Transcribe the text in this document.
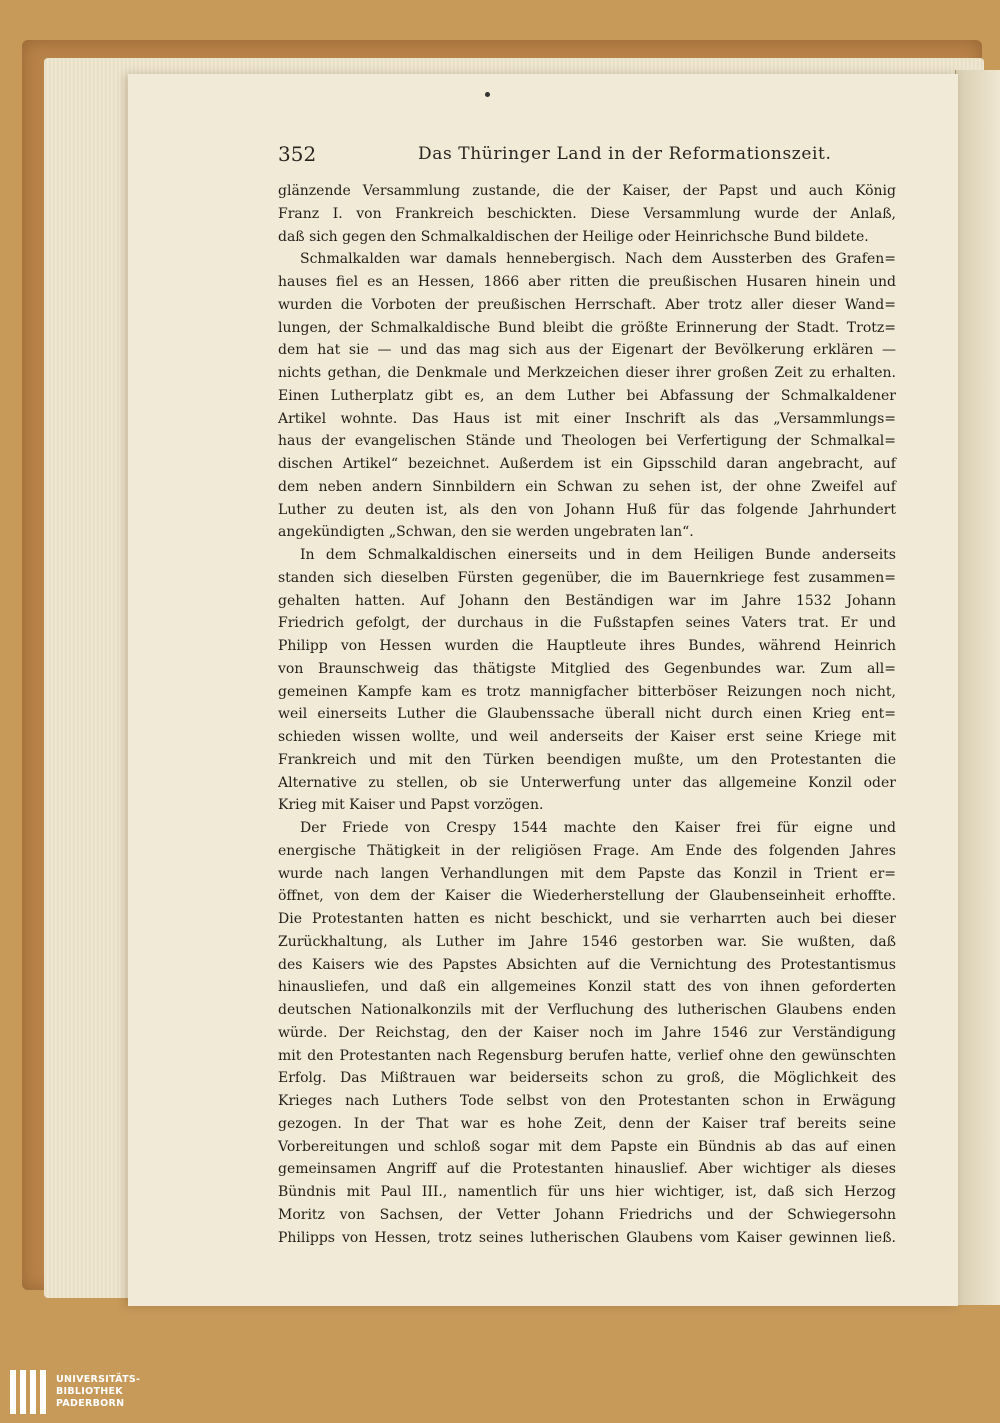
352	Das Thüringer Land in der Reformationszeit.
glänzende Versammlung zustande, die der Kaiser, der Papst und auch König
Franz I. von Frankreich beschickten. Diese Versammlung wurde der Anlaß,
daß sich gegen den Schmalkaldischen der Heilige oder Heinrichsche Bund bildete.
Schmalkalden war damals hennebergisch. Nach dem Aussterben des Grafen=
hauses fiel es an Hessen, 1866 aber ritten die preußischen Husaren hinein und
wurden die Vorboten der preußischen Herrschaft. Aber trotz aller dieser Wand=
lungen, der Schmalkaldische Bund bleibt die größte Erinnerung der Stadt. Trotz=
dem hat sie — und das mag sich aus der Eigenart der Bevölkerung erklären —
nichts gethan, die Denkmale und Merkzeichen dieser ihrer großen Zeit zu erhalten.
Einen Lutherplatz gibt es, an dem Luther bei Abfassung der Schmalkaldener
Artikel wohnte. Das Haus ist mit einer Inschrift als das „Versammlungs=
haus der evangelischen Stände und Theologen bei Verfertigung der Schmalkal=
dischen Artikel“ bezeichnet. Außerdem ist ein Gipsschild daran angebracht, auf
dem neben andern Sinnbildern ein Schwan zu sehen ist, der ohne Zweifel auf
Luther zu deuten ist, als den von Johann Huß für das folgende Jahrhundert
angekündigten „Schwan, den sie werden ungebraten lan“.
In dem Schmalkaldischen einerseits und in dem Heiligen Bunde anderseits
standen sich dieselben Fürsten gegenüber, die im Bauernkriege fest zusammen=
gehalten hatten. Auf Johann den Beständigen war im Jahre 1532 Johann
Friedrich gefolgt, der durchaus in die Fußstapfen seines Vaters trat. Er und
Philipp von Hessen wurden die Hauptleute ihres Bundes, während Heinrich
von Braunschweig das thätigste Mitglied des Gegenbundes war. Zum all=
gemeinen Kampfe kam es trotz mannigfacher bitterböser Reizungen noch nicht,
weil einerseits Luther die Glaubenssache überall nicht durch einen Krieg ent=
schieden wissen wollte, und weil anderseits der Kaiser erst seine Kriege mit
Frankreich und mit den Türken beendigen mußte, um den Protestanten die
Alternative zu stellen, ob sie Unterwerfung unter das allgemeine Konzil oder
Krieg mit Kaiser und Papst vorzögen.
Der Friede von Crespy 1544 machte den Kaiser frei für eigne und
energische Thätigkeit in der religiösen Frage. Am Ende des folgenden Jahres
wurde nach langen Verhandlungen mit dem Papste das Konzil in Trient er=
öffnet, von dem der Kaiser die Wiederherstellung der Glaubenseinheit erhoffte.
Die Protestanten hatten es nicht beschickt, und sie verharrten auch bei dieser
Zurückhaltung, als Luther im Jahre 1546 gestorben war. Sie wußten, daß
des Kaisers wie des Papstes Absichten auf die Vernichtung des Protestantismus
hinausliefen, und daß ein allgemeines Konzil statt des von ihnen geforderten
deutschen Nationalkonzils mit der Verfluchung des lutherischen Glaubens enden
würde. Der Reichstag, den der Kaiser noch im Jahre 1546 zur Verständigung
mit den Protestanten nach Regensburg berufen hatte, verlief ohne den gewünschten
Erfolg. Das Mißtrauen war beiderseits schon zu groß, die Möglichkeit des
Krieges nach Luthers Tode selbst von den Protestanten schon in Erwägung
gezogen. In der That war es hohe Zeit, denn der Kaiser traf bereits seine
Vorbereitungen und schloß sogar mit dem Papste ein Bündnis ab das auf einen
gemeinsamen Angriff auf die Protestanten hinauslief. Aber wichtiger als dieses
Bündnis mit Paul III., namentlich für uns hier wichtiger, ist, daß sich Herzog
Moritz von Sachsen, der Vetter Johann Friedrichs und der Schwiegersohn
Philipps von Hessen, trotz seines lutherischen Glaubens vom Kaiser gewinnen ließ.
UNIVERSITÄTS-
BIBLIOTHEK
PADERBORN
